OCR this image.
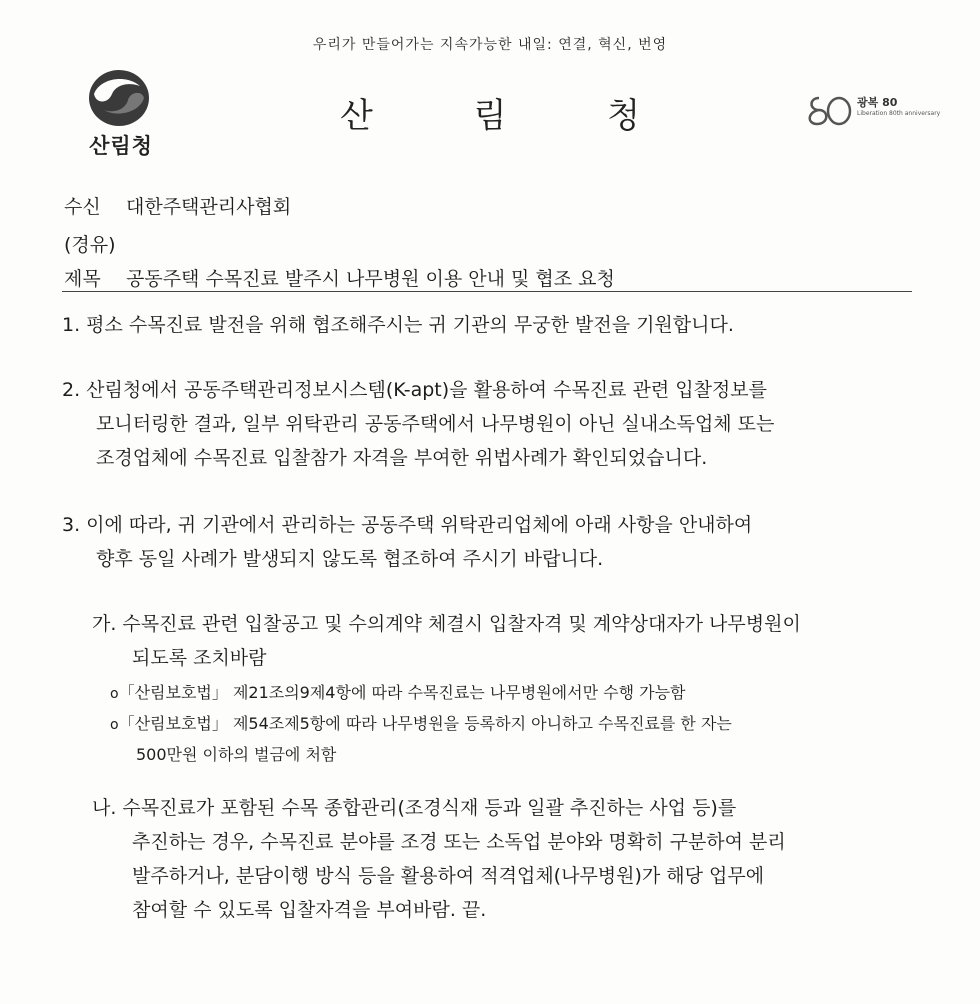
우리가 만들어가는 지속가능한 내일: 연결, 혁신, 번영
산림청
산	림	청	광복 80
Liberation 80th anniversary
수신 대한주택관리사협회
(경유)
제목 공동주택 수목진료 발주시 나무병원 이용 안내 및 협조 요청
1. 평소 수목진료 발전을 위해 협조해주시는 귀 기관의 무궁한 발전을 기원합니다.
2. 산림청에서 공동주택관리정보시스템(K-apt)을 활용하여 수목진료 관련 입찰정보를
모니터링한 결과, 일부 위탁관리 공동주택에서 나무병원이 아닌 실내소독업체 또는
조경업체에 수목진료 입찰참가 자격을 부여한 위법사례가 확인되었습니다.
3. 이에 따라, 귀 기관에서 관리하는 공동주택 위탁관리업체에 아래 사항을 안내하여
향후 동일 사례가 발생되지 않도록 협조하여 주시기 바랍니다.
가. 수목진료 관련 입찰공고 및 수의계약 체결시 입찰자격 및 계약상대자가 나무병원이
되도록 조치바람
o「산림보호법」 제21조의9제4항에 따라 수목진료는 나무병원에서만 수행 가능함
o「산림보호법」 제54조제5항에 따라 나무병원을 등록하지 아니하고 수목진료를 한 자는
500만원 이하의 벌금에 처함
나. 수목진료가 포함된 수목 종합관리(조경식재 등과 일괄 추진하는 사업 등)를
추진하는 경우, 수목진료 분야를 조경 또는 소독업 분야와 명확히 구분하여 분리
발주하거나, 분담이행 방식 등을 활용하여 적격업체(나무병원)가 해당 업무에
참여할 수 있도록 입찰자격을 부여바람. 끝.
